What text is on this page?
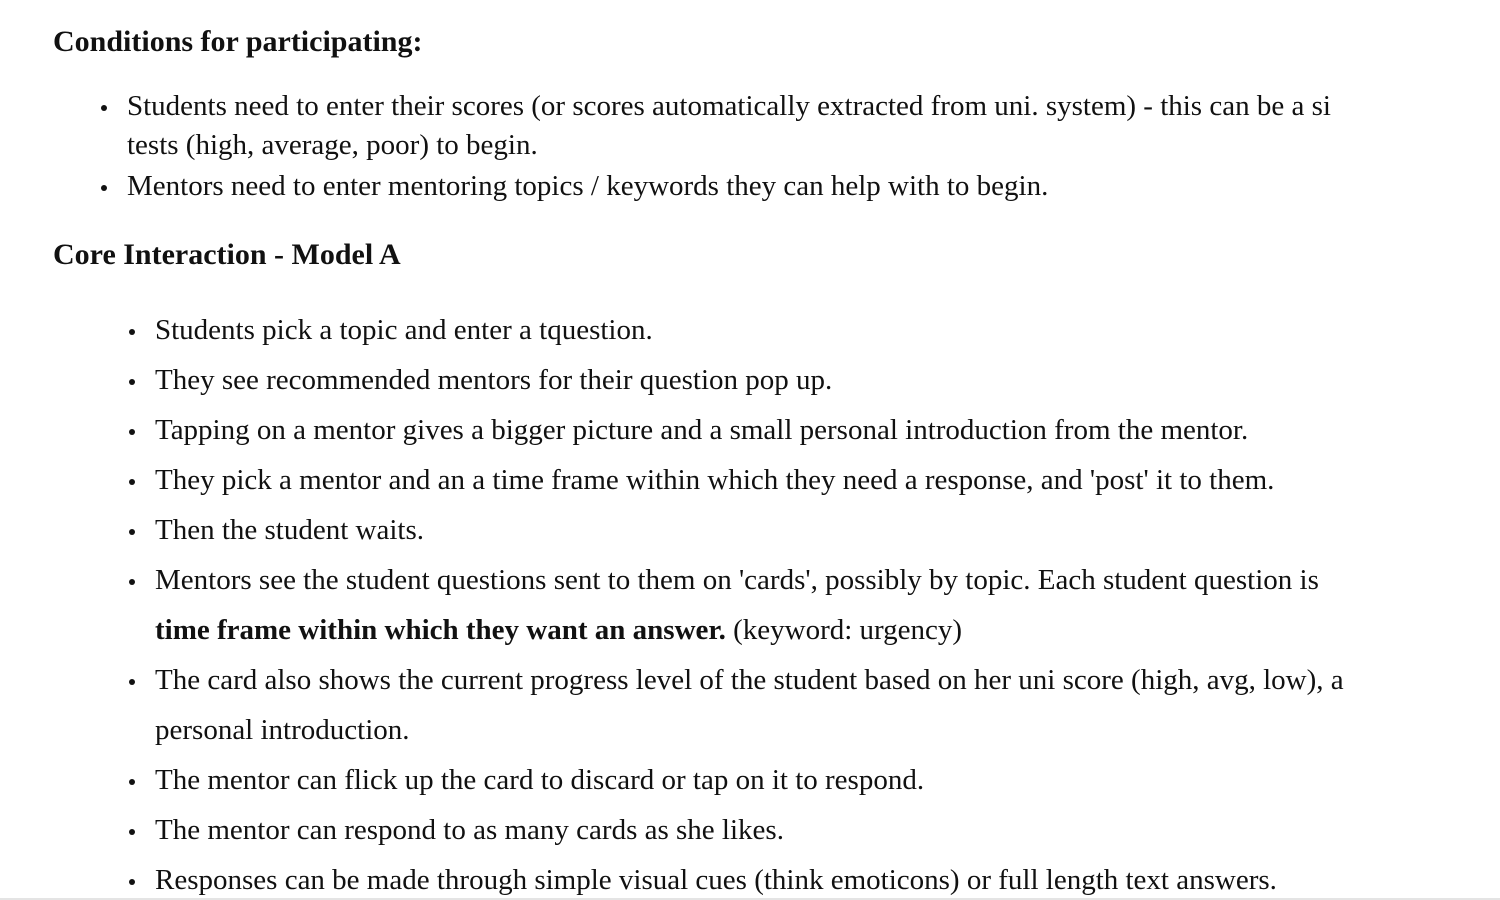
Conditions for participating:
Students need to enter their scores (or scores automatically extracted from uni. system) - this can be a si
tests (high, average, poor) to begin.
Mentors need to enter mentoring topics / keywords they can help with to begin.
Core Interaction - Model A
Students pick a topic and enter a tquestion.
They see recommended mentors for their question pop up.
Tapping on a mentor gives a bigger picture and a small personal introduction from the mentor.
They pick a mentor and an a time frame within which they need a response, and 'post' it to them.
Then the student waits.
Mentors see the student questions sent to them on 'cards', possibly by topic. Each student question is
time frame within which they want an answer. (keyword: urgency)
The card also shows the current progress level of the student based on her uni score (high, avg, low), a
personal introduction.
The mentor can flick up the card to discard or tap on it to respond.
The mentor can respond to as many cards as she likes.
Responses can be made through simple visual cues (think emoticons) or full length text answers.
